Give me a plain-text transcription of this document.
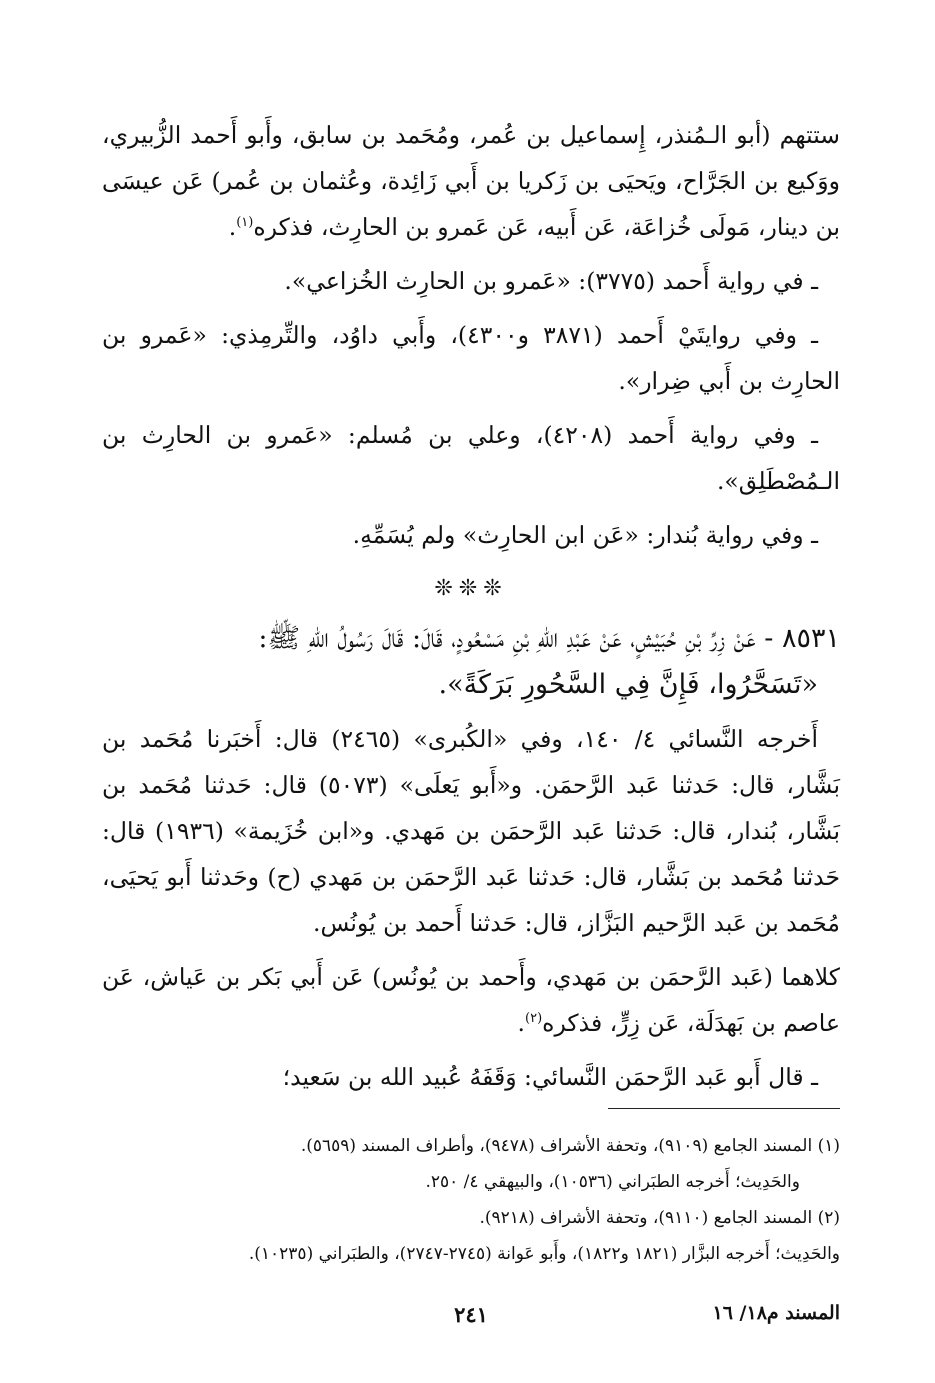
ستتهم (أبو الـمُنذر، إِسماعيل بن عُمر، ومُحَمد بن سابق، وأَبو أَحمد الزُّبيري، ووَكيع بن الجَرَّاح، ويَحيَى بن زَكريا بن أَبي زَائِدة، وعُثمان بن عُمر) عَن عيسَى بن دينار، مَولَى خُزاعَة، عَن أَبيه، عَن عَمرو بن الحارِث، فذكره$^{(١)}$.

ـ في رواية أَحمد (٣٧٧٥): «عَمرو بن الحارِث الخُزاعي».

ـ وفي روايتَيْ أَحمد (٣٨٧١ و٤٣٠٠)، وأَبي داوُد، والتِّرمِذي: «عَمرو بن الحارِث بن أَبي ضِرار».

ـ وفي رواية أَحمد (٤٢٠٨)، وعلي بن مُسلم: «عَمرو بن الحارِث بن الـمُصْطَلِق».

ـ وفي رواية بُندار: «عَن ابن الحارِث» ولم يُسَمِّهِ.

❊❊❊

٨٥٣١ - عَنْ زِرِّ بْنِ حُبَيْشٍ، عَنْ عَبْدِ اللهِ بْنِ مَسْعُودٍ، قَالَ: قَالَ رَسُولُ اللهِ ﷺ:

«تَسَحَّرُوا، فَإِنَّ فِي السَّحُورِ بَرَكَةً».

أَخرجه النَّسائي ٤/ ١٤٠، وفي «الكُبرى» (٢٤٦٥) قال: أَخبَرنا مُحَمد بن بَشَّار، قال: حَدثنا عَبد الرَّحمَن. و«أَبو يَعلَى» (٥٠٧٣) قال: حَدثنا مُحَمد بن بَشَّار، بُندار، قال: حَدثنا عَبد الرَّحمَن بن مَهدي. و«ابن خُزَيمة» (١٩٣٦) قال: حَدثنا مُحَمد بن بَشَّار، قال: حَدثنا عَبد الرَّحمَن بن مَهدي (ح) وحَدثنا أَبو يَحيَى، مُحَمد بن عَبد الرَّحيم البَزَّاز، قال: حَدثنا أَحمد بن يُونُس.

كلاهما (عَبد الرَّحمَن بن مَهدي، وأَحمد بن يُونُس) عَن أَبي بَكر بن عَياش، عَن عاصم بن بَهدَلَة، عَن زِرٍّ، فذكره$^{(٢)}$.

ـ قال أَبو عَبد الرَّحمَن النَّسائي: وَقَفَهُ عُبيد الله بن سَعيد؛

(١) المسند الجامع (٩١٠٩)، وتحفة الأشراف (٩٤٧٨)، وأطراف المسند (٥٦٥٩).

والحَدِيث؛ أَخرجه الطبَراني (١٠٥٣٦)، والبيهقي ٤/ ٢٥٠.

(٢) المسند الجامع (٩١١٠)، وتحفة الأشراف (٩٢١٨).

والحَدِيث؛ أَخرجه البزَّار (١٨٢١ و١٨٢٢)، وأَبو عَوانة (٢٧٤٥-٢٧٤٧)، والطبَراني (١٠٢٣٥).

المسند م١٨/ ١٦
٢٤١
